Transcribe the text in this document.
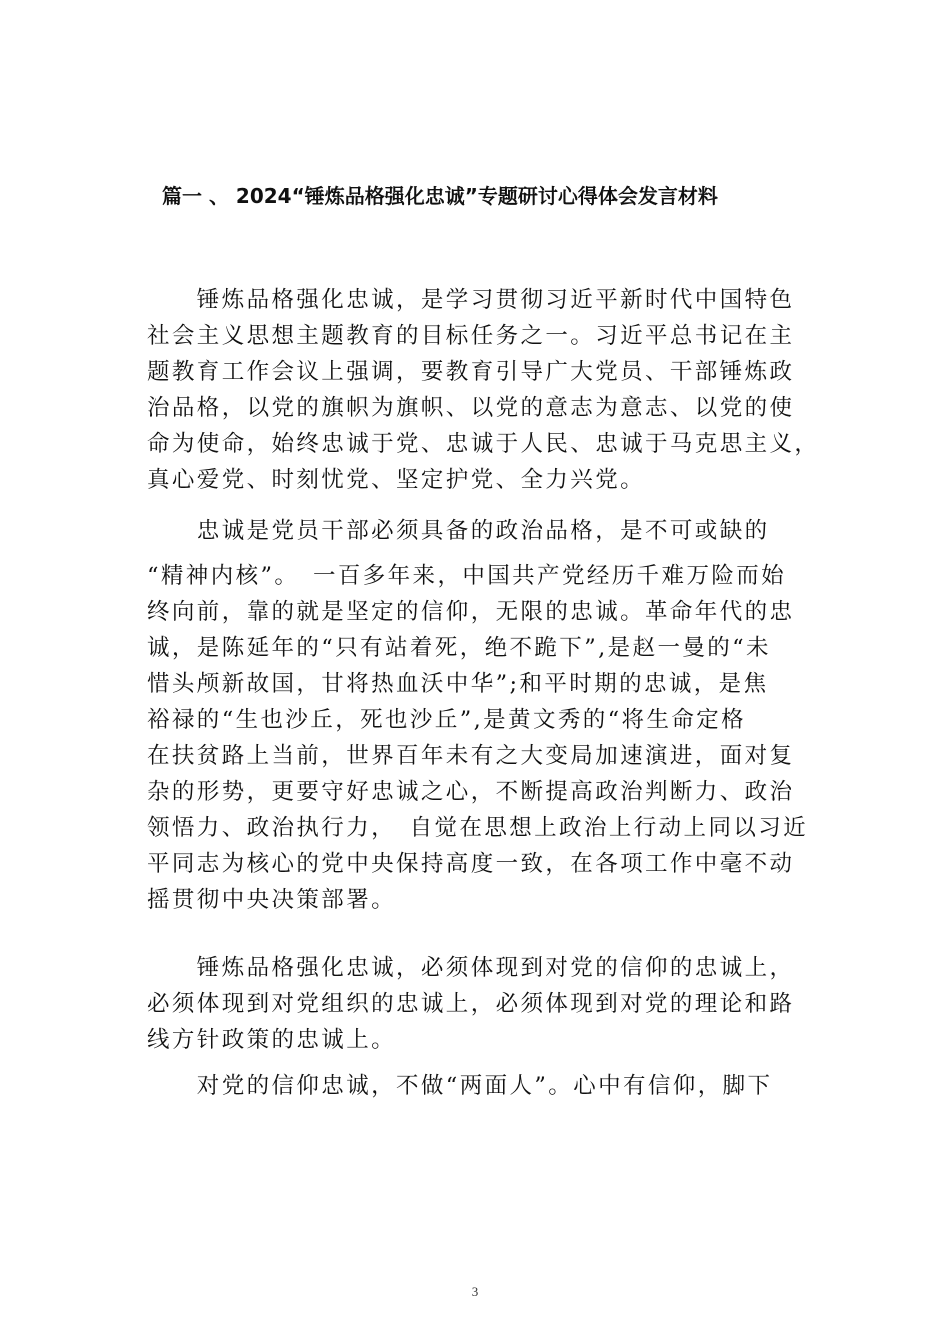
篇一 、 2024“锤炼品格强化忠诚”专题研讨心得体会发言材料
　　锤炼品格强化忠诚，是学习贯彻习近平新时代中国特色
社会主义思想主题教育的目标任务之一。习近平总书记在主
题教育工作会议上强调，要教育引导广大党员、干部锤炼政
治品格，以党的旗帜为旗帜、以党的意志为意志、以党的使
命为使命，始终忠诚于党、忠诚于人民、忠诚于马克思主义，
真心爱党、时刻忧党、坚定护党、全力兴党。
　　忠诚是党员干部必须具备的政治品格，是不可或缺的
“精神内核”。　一百多年来，中国共产党经历千难万险而始
终向前，靠的就是坚定的信仰，无限的忠诚。革命年代的忠
诚，是陈延年的“只有站着死，绝不跪下”,是赵一曼的“未
惜头颅新故国，甘将热血沃中华”;和平时期的忠诚，是焦
裕禄的“生也沙丘，死也沙丘”,是黄文秀的“将生命定格
在扶贫路上当前，世界百年未有之大变局加速演进，面对复
杂的形势，更要守好忠诚之心，不断提高政治判断力、政治
领悟力、政治执行力，　自觉在思想上政治上行动上同以习近
平同志为核心的党中央保持高度一致，在各项工作中毫不动
摇贯彻中央决策部署。
　　锤炼品格强化忠诚，必须体现到对党的信仰的忠诚上，
必须体现到对党组织的忠诚上，必须体现到对党的理论和路
线方针政策的忠诚上。
　　对党的信仰忠诚，不做“两面人”。心中有信仰，脚下
3
